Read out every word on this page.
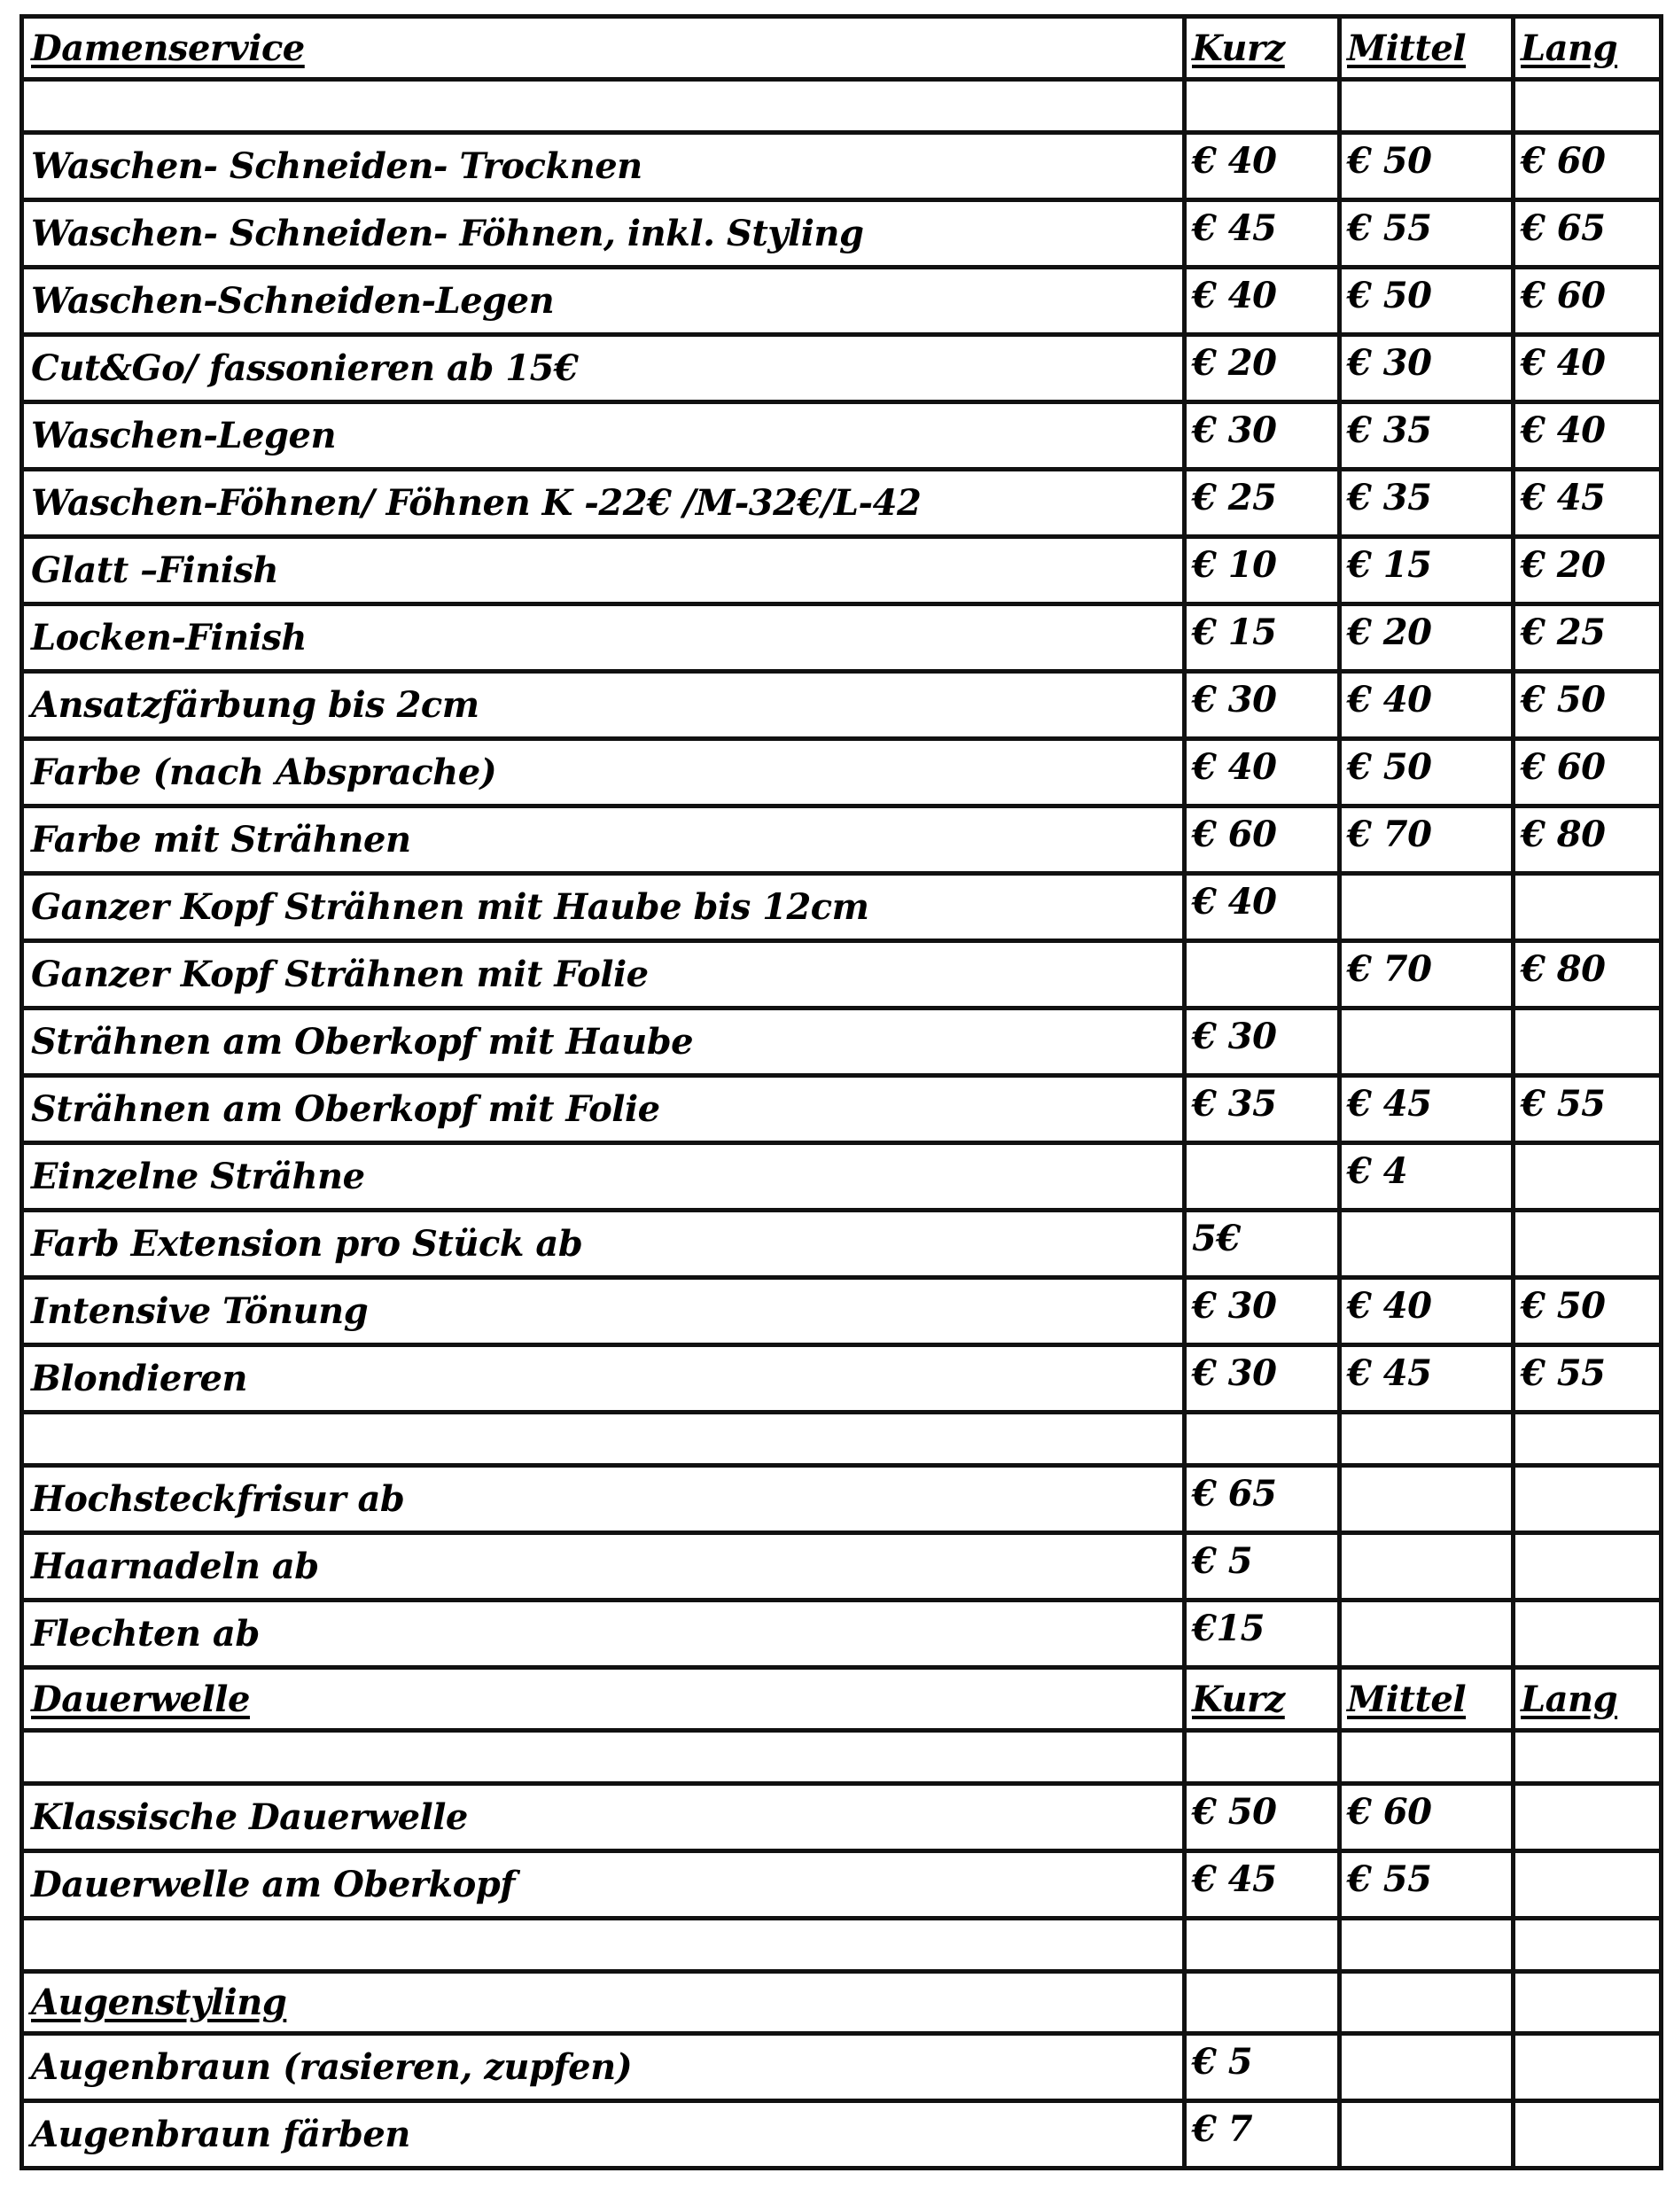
Damenservice	Kurz	Mittel	Lang

Waschen- Schneiden- Trocknen	€ 40	€ 50	€ 60
Waschen- Schneiden- Föhnen, inkl. Styling	€ 45	€ 55	€ 65
Waschen-Schneiden-Legen	€ 40	€ 50	€ 60
Cut&Go/ fassonieren ab 15€	€ 20	€ 30	€ 40
Waschen-Legen	€ 30	€ 35	€ 40
Waschen-Föhnen/ Föhnen K -22€ /M-32€/L-42	€ 25	€ 35	€ 45
Glatt –Finish	€ 10	€ 15	€ 20
Locken-Finish	€ 15	€ 20	€ 25
Ansatzfärbung bis 2cm	€ 30	€ 40	€ 50
Farbe (nach Absprache)	€ 40	€ 50	€ 60
Farbe mit Strähnen	€ 60	€ 70	€ 80
Ganzer Kopf Strähnen mit Haube bis 12cm	€ 40		
Ganzer Kopf Strähnen mit Folie		€ 70	€ 80
Strähnen am Oberkopf mit Haube	€ 30		
Strähnen am Oberkopf mit Folie	€ 35	€ 45	€ 55
Einzelne Strähne		€ 4	
Farb Extension pro Stück ab	5€		
Intensive Tönung	€ 30	€ 40	€ 50
Blondieren	€ 30	€ 45	€ 55

Hochsteckfrisur ab	€ 65		
Haarnadeln ab	€ 5		
Flechten ab	€15		
Dauerwelle	Kurz	Mittel	Lang

Klassische Dauerwelle	€ 50	€ 60	
Dauerwelle am Oberkopf	€ 45	€ 55	

Augenstyling			
Augenbraun (rasieren, zupfen)	€ 5		
Augenbraun färben	€ 7		
